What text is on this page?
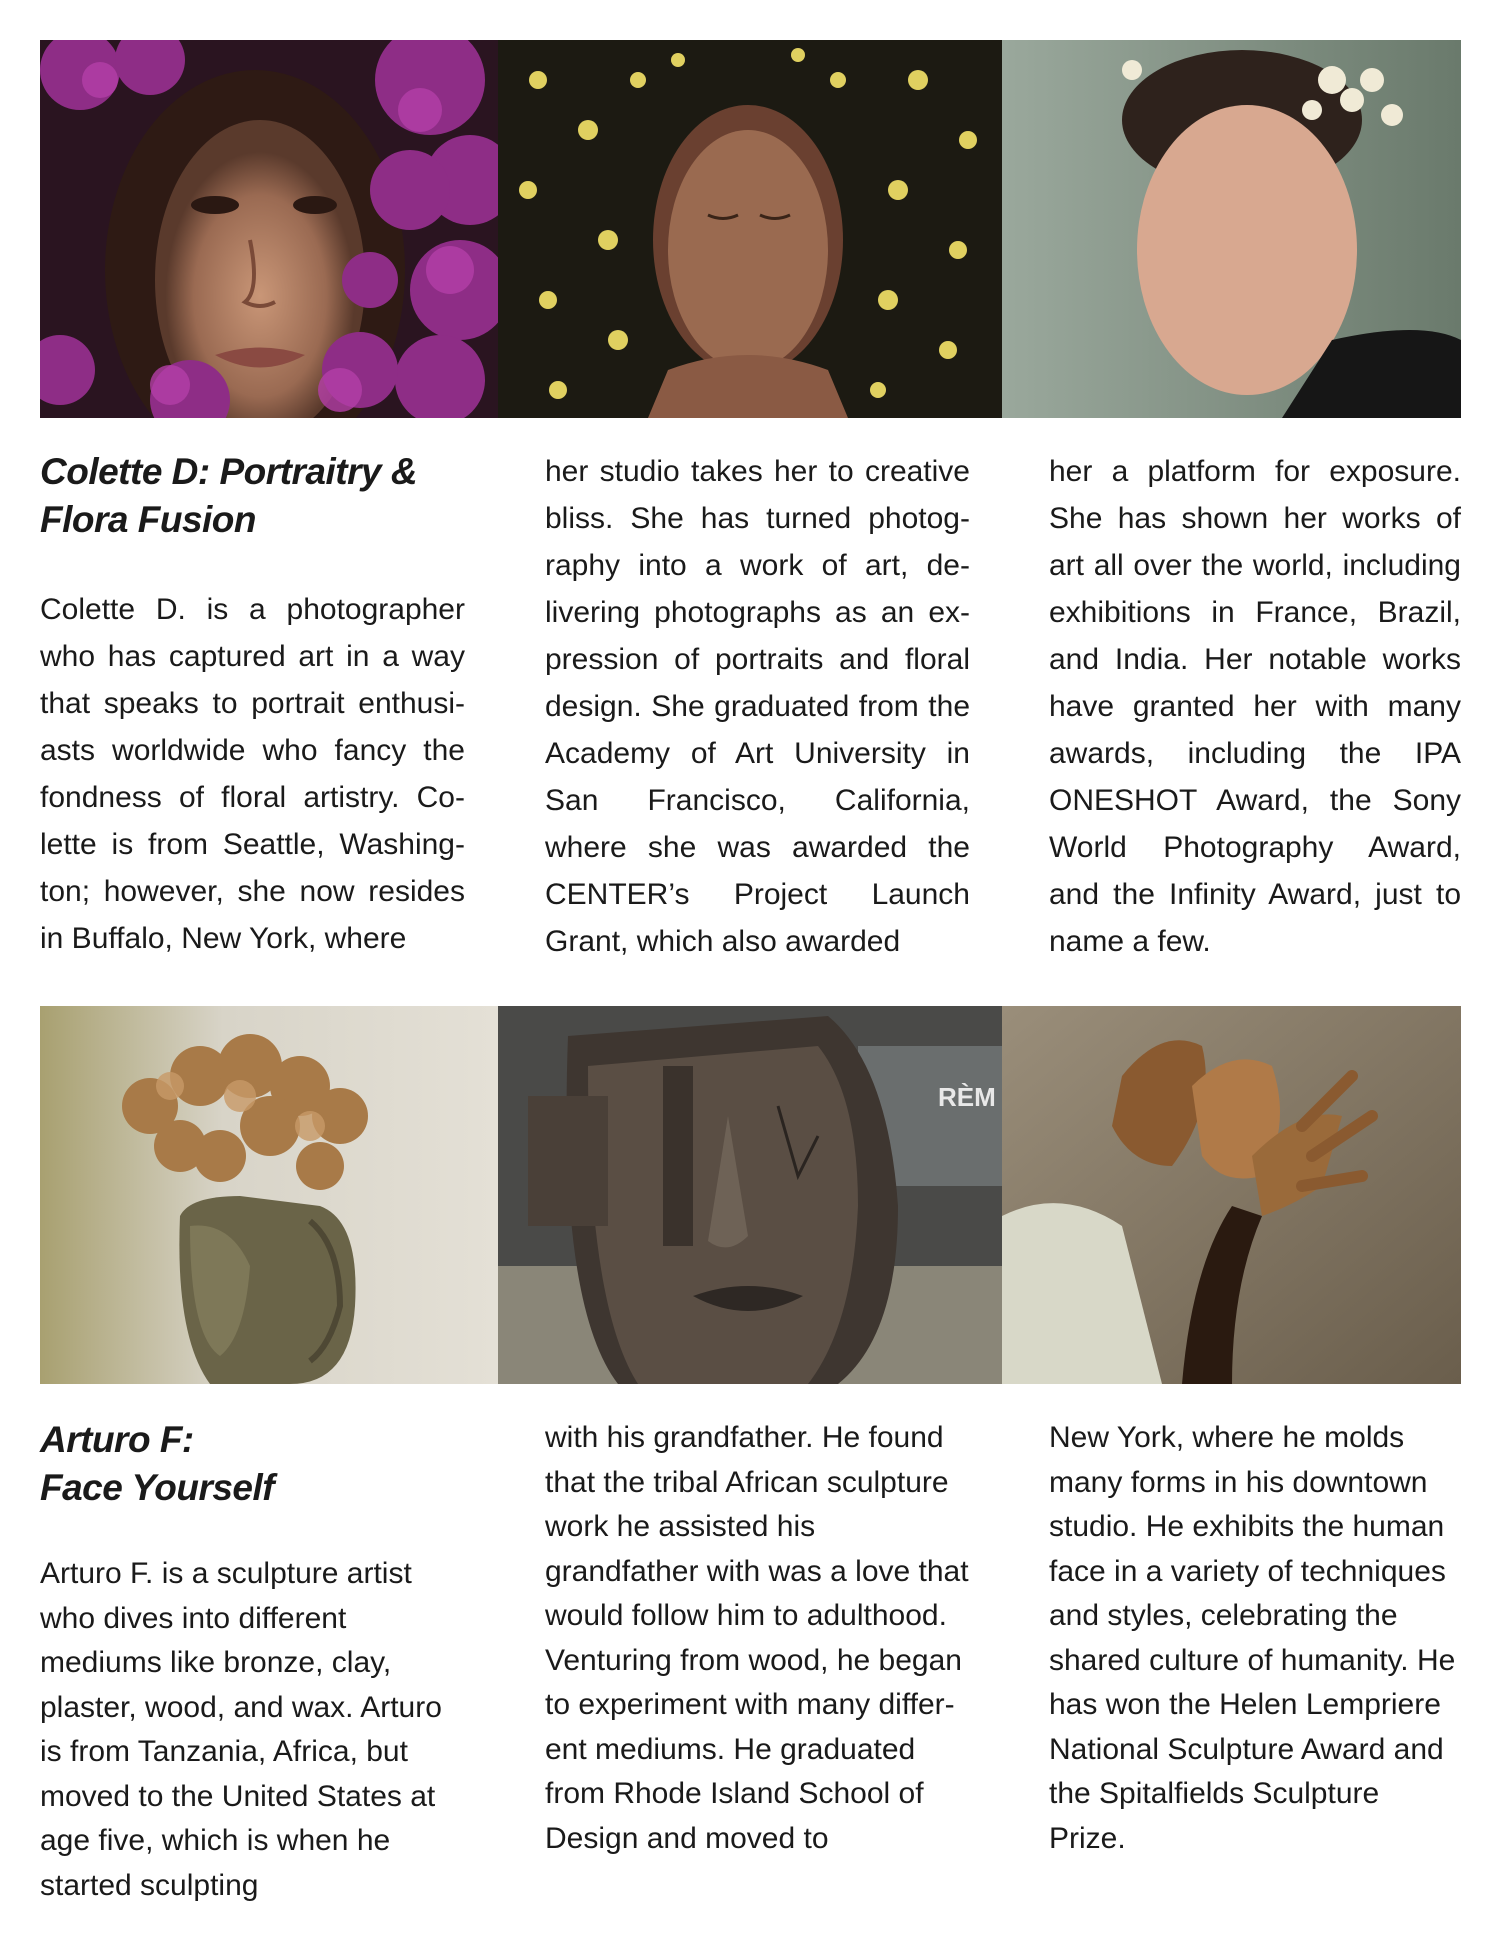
Colette D: Portraitry &
Flora Fusion

Colette D. is a photographer who has captured art in a way that speaks to portrait enthusiasts worldwide who fancy the fondness of floral artistry. Colette is from Seattle, Washington; however, she now resides in Buffalo, New York, where

her studio takes her to creative bliss. She has turned photography into a work of art, delivering photographs as an expression of portraits and floral design. She graduated from the Academy of Art University in San Francisco, California, where she was awarded the CENTER’s Project Launch Grant, which also awarded

her a platform for exposure. She has shown her works of art all over the world, including exhibitions in France, Brazil, and India. Her notable works have granted her with many awards, including the IPA ONESHOT Award, the Sony World Photography Award, and the Infinity Award, just to name a few.

RÈM
Arturo F:
Face Yourself

Arturo F. is a sculpture artist who dives into different mediums like bronze, clay, plaster, wood, and wax. Arturo is from Tanzania, Africa, but moved to the United States at age five, which is when he started sculpting

with his grandfather. He found that the tribal African sculpture work he assisted his grandfather with was a love that would follow him to adulthood. Venturing from wood, he began to experiment with many different mediums. He graduated from Rhode Island School of Design and moved to

New York, where he molds many forms in his downtown studio. He exhibits the human face in a variety of techniques and styles, celebrating the shared culture of humanity. He has won the Helen Lempriere National Sculpture Award and the Spitalfields Sculpture Prize.
